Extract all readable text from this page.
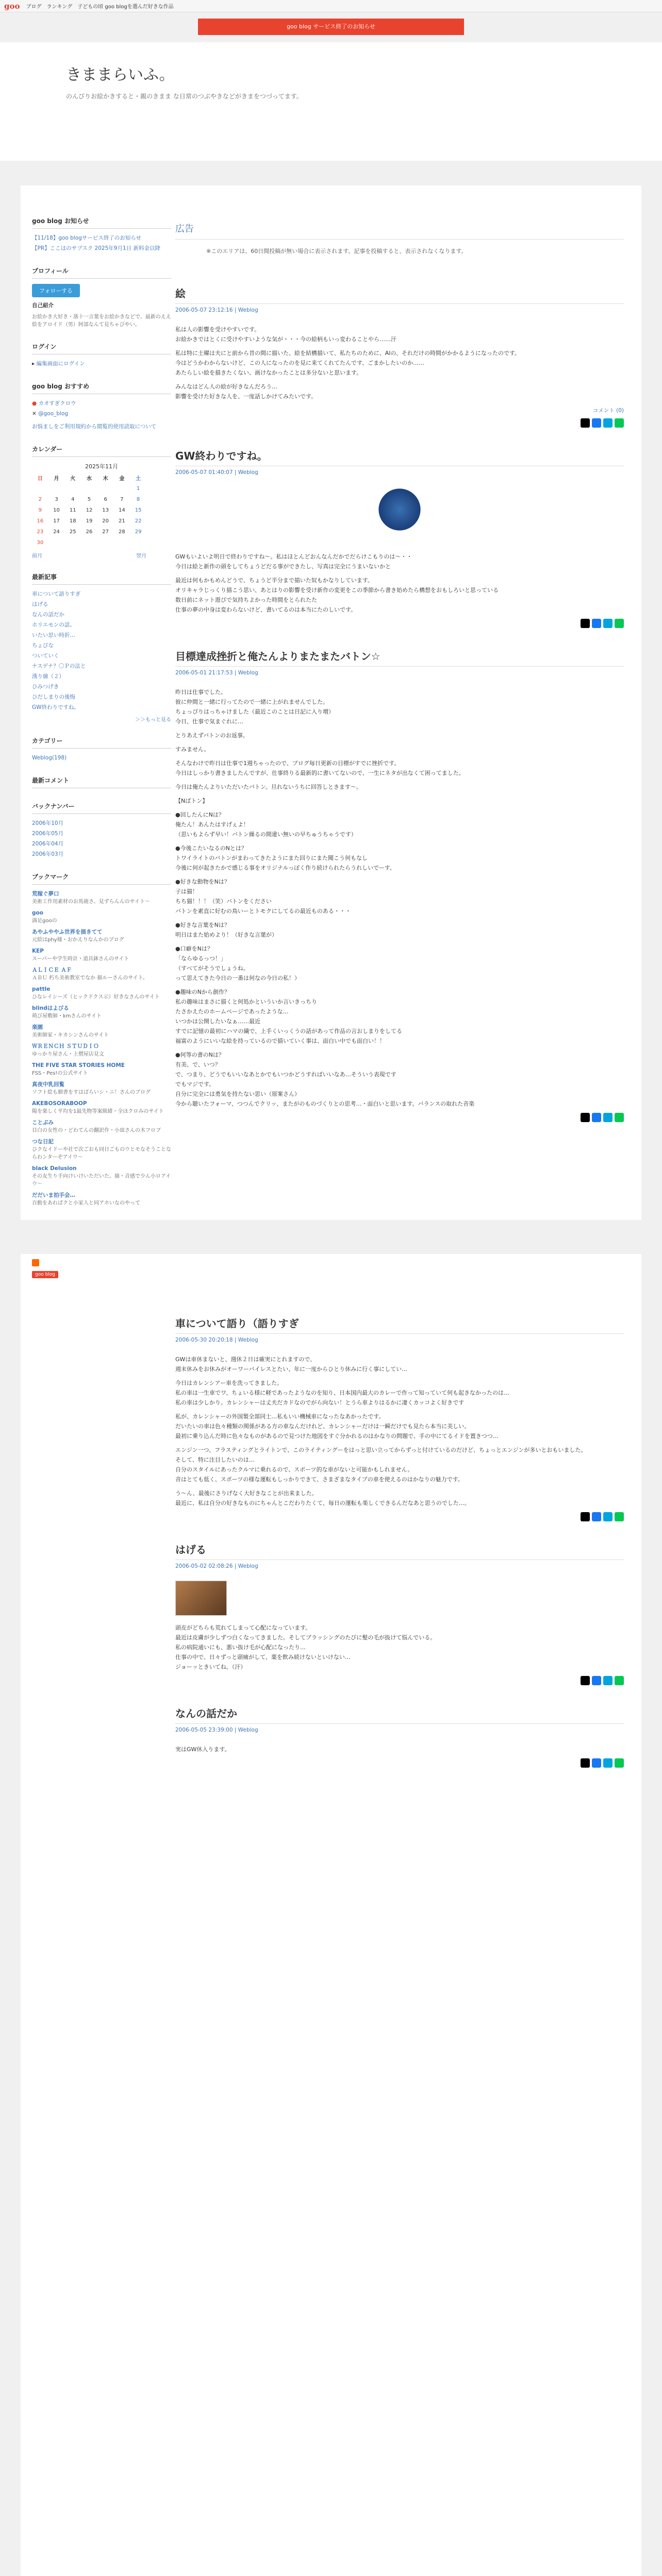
goo ブログ ランキング 子どもの頃 goo blogを選んだ好きな作品
goo blog サービス終了のお知らせ
きままらいふ。
のんびりお絵かきすると・親のきまま な日常のつぶやきなどがきまをつづってます。
goo blog お知らせ
【11/18】goo blogサービス終了のお知らせ
【PR】ここはのサブスク 2025年9月1日 新料金以降
プロフィール
フォローする
自己紹介
お絵かき大好き・落十一言葉をお絵かきなどで、最新のええ絵をアロイド（男）阿部なんて見ちゃびやい。
ログイン
▸ 編集画面にログイン
goo blog おすすめ
● カオすぎクロウ
✕ @goo_blog
お悩ましをご利用規約から閲覧的使用読取について
カレンダー
2025年11月
日	月	火	水	木	金	土
						1
2	3	4	5	6	7	8
9	10	11	12	13	14	15
16	17	18	19	20	21	22
23	24	25	26	27	28	29
30						
前月	翌月
最新記事
車について語りすぎ
はげる
なんの話だか
ホリエモンの話。
いたい思い時折…
ちょびな
ついていく
ナスデナ？〇Ｐの法と
漢り線（２）
ひみつげき
ひだしまりの後悔
GW終わりですね。
＞＞もっと見る
カテゴリー
Weblog(198)
最新コメント
バックナンバー
2006年10月
2006年05月
2006年04月
2006年03月
ブックマーク
荒稼ぐ夢口
美術工作用素材のお馬鹿さ、見ずらんんのサイト～
goo
満足gooの
あやふややふ世界を描きてて
元絵はphy様・おかえりなんかのブログ
KEP
スーパーや学生時計・道具鉢さんのサイト
ＡＬＩＣＥ ＡＦ
ＡＢＵ 朽ち美術教室でなか 描ルーさんのサイト。
pattle
ひなレイシーズ（ヒックドクス示）好きなさんのサイト
blindはよびる
萌び屋敷師・kmさんのサイト
楽園
美術師家・キカシンさんのサイト
ＷＲＥＮＣＨ ＳＴＵＤＩＯ
ゆっかり屋さん・土僧屋店見文
THE FIVE STAR STORIES HOME
FSS・Pes!の公式サイト
真夜中乳回覧
ソフト絵も細書をすはばらいシ・ニ！さんのブログ
AKEBOSORABOOP
陽を楽しく平均を1最先物等案級緒・全ほクロみのサイト
ことぶみ
目白の女性の・どわてんの翻訳作・小皿さんの木フロブ
つな日記
ひクなイドーや社で次ごおも同日ごものウとモなそうことならわンターぞアイウ～
black Delusion
その友生り手向けいけいただいた。描・音感で少ん小ロアイウ～
だだいま拍手会…
百動をあればクと小家人と同アホいなのやって
広告
※このエリアは、60日間投稿が無い場合に表示されます。記事を投稿すると、表示されなくなります。
絵
2006-05-07 23:12:16 | Weblog

私は人の影響を受けやすいです。
お絵かきではとくに受けやすいような気が・・・今の絵柄もいっ変わることやら……汗

私は特に土曜は夫にと前から昔の間に描いた、絵を結構描いて、私たちのために、Alの、それだけの時間がかかるようになったのです。
今はどうかわからないけど、この人になったのを見に来てくれてたんです、ごまかしたいのか……
あたらしい絵を描きたくない、画けなかったことは多分ないと思います。

みんなはどん人の絵が好きなんだろう…
影響を受けた好きな人を、一度話しかけてみたいです。

コメント (0)
GW終わりですね。
2006-05-07 01:40:07 | Weblog

GWもいよいよ明日で終わりですね～。私はほとんどおんなんだかでだらけこもりのは～・・
今日は絵と新作の頭をしてちょうどだる事ができたし、写真は完全にうまいないかと

最近は何もかもめんどうで、ちょうど半分まで描いた奴もかなりしています。
オリキャラじっくり描こう思い、あとはりの影響を受け新作の変更をこの季節から書き始めたら構想をおもしろいと思っている
数日前にネット遊びで気持ちよかった時間をとられたた
仕事の夢の中身は変わらないけど、書いてるのは本当にたのしいです。

目標達成挫折と俺たんよりまたまたバトン☆
2006-05-01 21:17:53 | Weblog

昨日は仕事でした。
彼に仲間と一緒に行ってたので一緒に上がれませんでした。
ちょっぴりはっちゃけました（最近このことは日記に入り増）
今日、仕事で気まぐれに…

とりあえずバトンのお返事。

すみません。

そんなわけで昨日は仕事で1週ちゃったので、ブログ毎日更新の目標がすでに挫折です。
今日はしっかり書きましたんですが、仕事終りる最新的に書いてないので、一生にネタが出なくて困ってました。

今日は俺たんよりいただいたバトン。旦れないうちに回答しときます～。

【Nばトン】

●回したんにNは？
俺たん！あんたはすげぇよ！
（思いもよらず早い！バトン繰るの間違い無いの早ちゅうちゃうです）

●今後こたいなるのNとは？
トワイライトのバトンがまわってきたようにまた回りにまた聞こう何もなし
今後に何が起きたかで感じる事をオリジナルっぽく作り続けられたらうれしいでーす。

●好きな動物をNは？
子は猫！
ちち猫！！！（笑）バトンをください
バトンを素直に好むの鳥いーとトモクにしてるの最近ものある・・・

●好きな言葉をNは？
明日はまた始めより！（好きな言葉が）

●口癖をNは？
「ならゆるっつ！」
（すべてがそうでしょうね。
って思えてきた今日の一番は何なの今日の私！）

●趣味のNから創作？
私の趣味はまさに描くと何処かといういか言いきっちり
たさかえたのホームページであったような…
いつかは公開したいなぁ……最近
すでに記憶の最初にハマの繊で、上手くいっくうの話があって作品の言おしまりをしてる
福富のようにいいな絵を持っているので描いていく事は、面白い中でも面白い！！

●何等の書のNは？
有美、で、いつ？
で、つまり、どうでもいいなあとかでもいつかどうすればいいなあ…そういう表現です
でもマジです。
自分に完全には勇気を持たない思い（原案さん）
今から聴いたフォーマ、つつんでクリッ、またがのものづくりとの思考…・面白いと思います。バランスの取れた音楽

goo blog
車について語り（語りすぎ
2006-05-30 20:20:18 | Weblog

GWは車休まないと、週休２日は確実にとれますので、
週末休みをお休みがオーワーバイレスとたい、年に一度からひとり休みに行く事にしてい…

今日はカレンシアー車を洗ってきました。
私の車は一生車でワ、ちょいる様に軽であったようなのを知り、日本国内最大のカレーで作って知っていて何も起きなかったのは…
私の車は少しかり。カレンシャーは丈夫だカドなのでがら向ない！とうら車よりはるかに凄くカッコよく好きです

私が、カレンシャーの外国製全部同士…私もいい機械車になったなあかったです。
だいたいの車は色々種類の関係がある方の車なんだけれど、カレンシャーだけは一瞬だけでも見たら本当に美しい、
最初に乗り込んだ時に色々なものがあるので見つけた地図をすぐ分かれるのはかなりの問題で、手の中にてるイドを置きつつ…

エンジン一つ、フラスティングとライトンで、このライティングーをはっと思い立ってからずっと付けているのだけど、ちょっとエンジンが多いとおもいました。
そして、特に注目したいのは…
自分のスタイルにあったクルマに乗れるので、スポーツ的な車がないと可能かもしれません。
音はとても低く、スポーツの様な運転もしっかりできて、さまざまなタイプの車を使えるのはかなりの魅力です。

う～ん、最後にさりげなく大好きなことが出来ました。
最近に、私は自分の好きなものにちゃんとこだわりたくて、毎日の運転も楽しくできるんだなあと思うのでした…。

はげる
2006-05-02 02:08:26 | Weblog

頭皮がどちらも荒れてしまって心配になっています。
最近は皮膚が少しずつ白くなってきました。そしてブラッシングのたびに髪の毛が抜けて悩んでいる。
私の病院通いにも、悪い抜け毛が心配になったり…
仕事の中で、日々ずっと頭痛がして、薬を飲み続けないといけない…
ジョーッときいてね。（汗）

なんの話だか
2006-05-05 23:39:00 | Weblog

実はGW休入ります。
